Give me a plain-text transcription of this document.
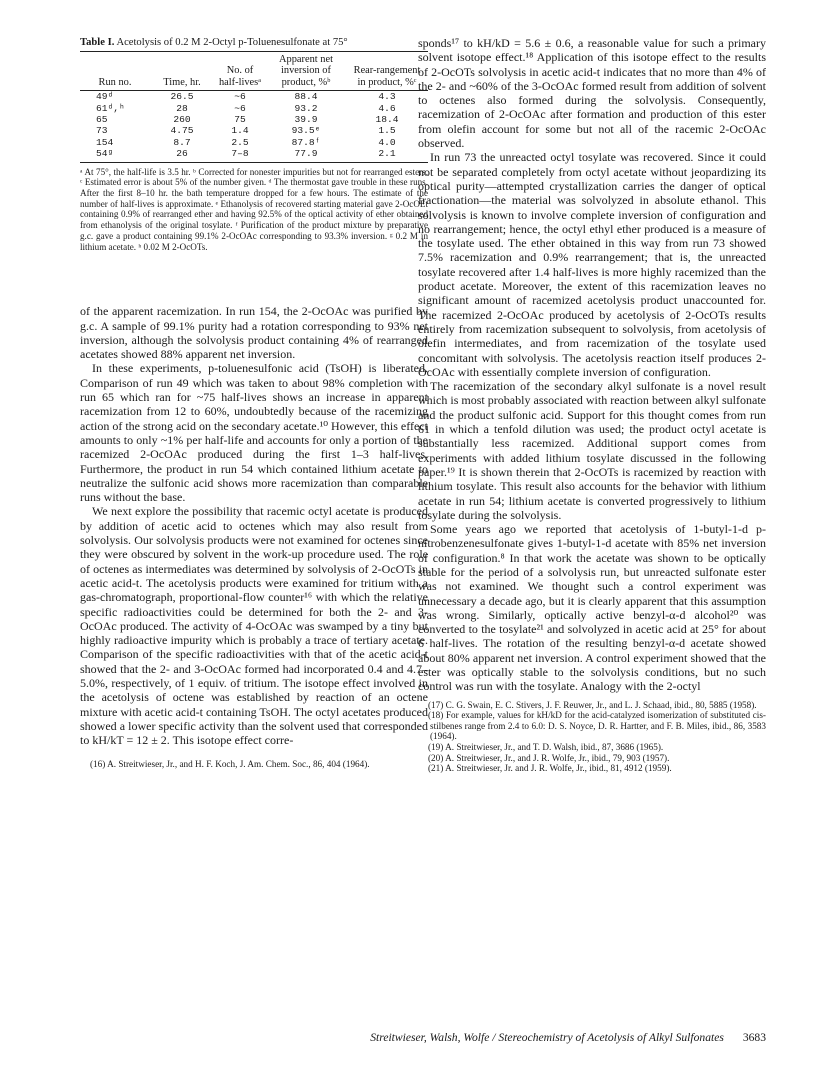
Table I. Acetolysis of 0.2 M 2-Octyl p-Toluenesulfonate at 75°

Run no.	Time, hr.	No. of half-livesᵃ	Apparent net inversion of product, %ᵇ	Rear-rangement in product, %ᶜ
49ᵈ	26.5	~6	88.4	4.3
61ᵈ,ʰ	28	~6	93.2	4.6
65	260	75	39.9	18.4
73	4.75	1.4	93.5ᵉ	1.5
154	8.7	2.5	87.8ᶠ	4.0
54ᵍ	26	7–8	77.9	2.1

ᵃ At 75°, the half-life is 3.5 hr. ᵇ Corrected for nonester impurities but not for rearranged esters. ᶜ Estimated error is about 5% of the number given. ᵈ The thermostat gave trouble in these runs. After the first 8–10 hr. the bath temperature dropped for a few hours. The estimate of the number of half-lives is approximate. ᵉ Ethanolysis of recovered starting material gave 2-OcOEt containing 0.9% of rearranged ether and having 92.5% of the optical activity of ether obtained from ethanolysis of the original tosylate. ᶠ Purification of the product mixture by preparative g.c. gave a product containing 99.1% 2-OcOAc corresponding to 93.3% inversion. ᵍ 0.2 M in lithium acetate. ʰ 0.02 M 2-OcOTs.

of the apparent racemization. In run 154, the 2-OcOAc was purified by g.c. A sample of 99.1% purity had a rotation corresponding to 93% net inversion, although the solvolysis product containing 4% of rearranged acetates showed 88% apparent net inversion.

In these experiments, p-toluenesulfonic acid (TsOH) is liberated. Comparison of run 49 which was taken to about 98% completion with run 65 which ran for ~75 half-lives shows an increase in apparent racemization from 12 to 60%, undoubtedly because of the racemizing action of the strong acid on the secondary acetate.¹⁰ However, this effect amounts to only ~1% per half-life and accounts for only a portion of the racemized 2-OcOAc produced during the first 1–3 half-lives. Furthermore, the product in run 54 which contained lithium acetate to neutralize the sulfonic acid shows more racemization than comparable runs without the base.

We next explore the possibility that racemic octyl acetate is produced by addition of acetic acid to octenes which may also result from solvolysis. Our solvolysis products were not examined for octenes since they were obscured by solvent in the work-up procedure used. The role of octenes as intermediates was determined by solvolysis of 2-OcOTs in acetic acid-t. The acetolysis products were examined for tritium with a gas-chromatograph, proportional-flow counter¹⁶ with which the relative specific radioactivities could be determined for both the 2- and 3-OcOAc produced. The activity of 4-OcOAc was swamped by a tiny but highly radioactive impurity which is probably a trace of tertiary acetate. Comparison of the specific radioactivities with that of the acetic acid-t showed that the 2- and 3-OcOAc formed had incorporated 0.4 and 4.7–5.0%, respectively, of 1 equiv. of tritium. The isotope effect involved in the acetolysis of octene was established by reaction of an octene mixture with acetic acid-t containing TsOH. The octyl acetates produced showed a lower specific activity than the solvent used that corresponded to kH/kT = 12 ± 2. This isotope effect corre-

(16) A. Streitwieser, Jr., and H. F. Koch, J. Am. Chem. Soc., 86, 404 (1964).

sponds¹⁷ to kH/kD = 5.6 ± 0.6, a reasonable value for such a primary solvent isotope effect.¹⁸ Application of this isotope effect to the results of 2-OcOTs solvolysis in acetic acid-t indicates that no more than 4% of the 2- and ~60% of the 3-OcOAc formed result from addition of solvent to octenes also formed during the solvolysis. Consequently, racemization of 2-OcOAc after formation and production of this ester from olefin account for some but not all of the racemic 2-OcOAc observed.

In run 73 the unreacted octyl tosylate was recovered. Since it could not be separated completely from octyl acetate without jeopardizing its optical purity—attempted crystallization carries the danger of optical fractionation—the material was solvolyzed in absolute ethanol. This solvolysis is known to involve complete inversion of configuration and no rearrangement; hence, the octyl ethyl ether produced is a measure of the tosylate used. The ether obtained in this way from run 73 showed 7.5% racemization and 0.9% rearrangement; that is, the unreacted tosylate recovered after 1.4 half-lives is more highly racemized than the product acetate. Moreover, the extent of this racemization leaves no significant amount of racemized acetolysis product unaccounted for. The racemized 2-OcOAc produced by acetolysis of 2-OcOTs results entirely from racemization subsequent to solvolysis, from acetolysis of olefin intermediates, and from racemization of the tosylate used concomitant with solvolysis. The acetolysis reaction itself produces 2-OcOAc with essentially complete inversion of configuration.

The racemization of the secondary alkyl sulfonate is a novel result which is most probably associated with reaction between alkyl sulfonate and the product sulfonic acid. Support for this thought comes from run 61 in which a tenfold dilution was used; the product octyl acetate is substantially less racemized. Additional support comes from experiments with added lithium tosylate discussed in the following paper.¹⁹ It is shown therein that 2-OcOTs is racemized by reaction with lithium tosylate. This result also accounts for the behavior with lithium acetate in run 54; lithium acetate is converted progressively to lithium tosylate during the solvolysis.

Some years ago we reported that acetolysis of 1-butyl-1-d p-nitrobenzenesulfonate gives 1-butyl-1-d acetate with 85% net inversion of configuration.⁸ In that work the acetate was shown to be optically stable for the period of a solvolysis run, but unreacted sulfonate ester was not examined. We thought such a control experiment was unnecessary a decade ago, but it is clearly apparent that this assumption was wrong. Similarly, optically active benzyl-α-d alcohol²⁰ was converted to the tosylate²¹ and solvolyzed in acetic acid at 25° for about 6 half-lives. The rotation of the resulting benzyl-α-d acetate showed about 80% apparent net inversion. A control experiment showed that the ester was optically stable to the solvolysis conditions, but no such control was run with the tosylate. Analogy with the 2-octyl

(17) C. G. Swain, E. C. Stivers, J. F. Reuwer, Jr., and L. J. Schaad, ibid., 80, 5885 (1958).

(18) For example, values for kH/kD for the acid-catalyzed isomerization of substituted cis-stilbenes range from 2.4 to 6.0: D. S. Noyce, D. R. Hartter, and F. B. Miles, ibid., 86, 3583 (1964).

(19) A. Streitwieser, Jr., and T. D. Walsh, ibid., 87, 3686 (1965).

(20) A. Streitwieser, Jr., and J. R. Wolfe, Jr., ibid., 79, 903 (1957).

(21) A. Streitwieser, Jr. and J. R. Wolfe, Jr., ibid., 81, 4912 (1959).

Streitwieser, Walsh, Wolfe / Stereochemistry of Acetolysis of Alkyl Sulfonates 3683
